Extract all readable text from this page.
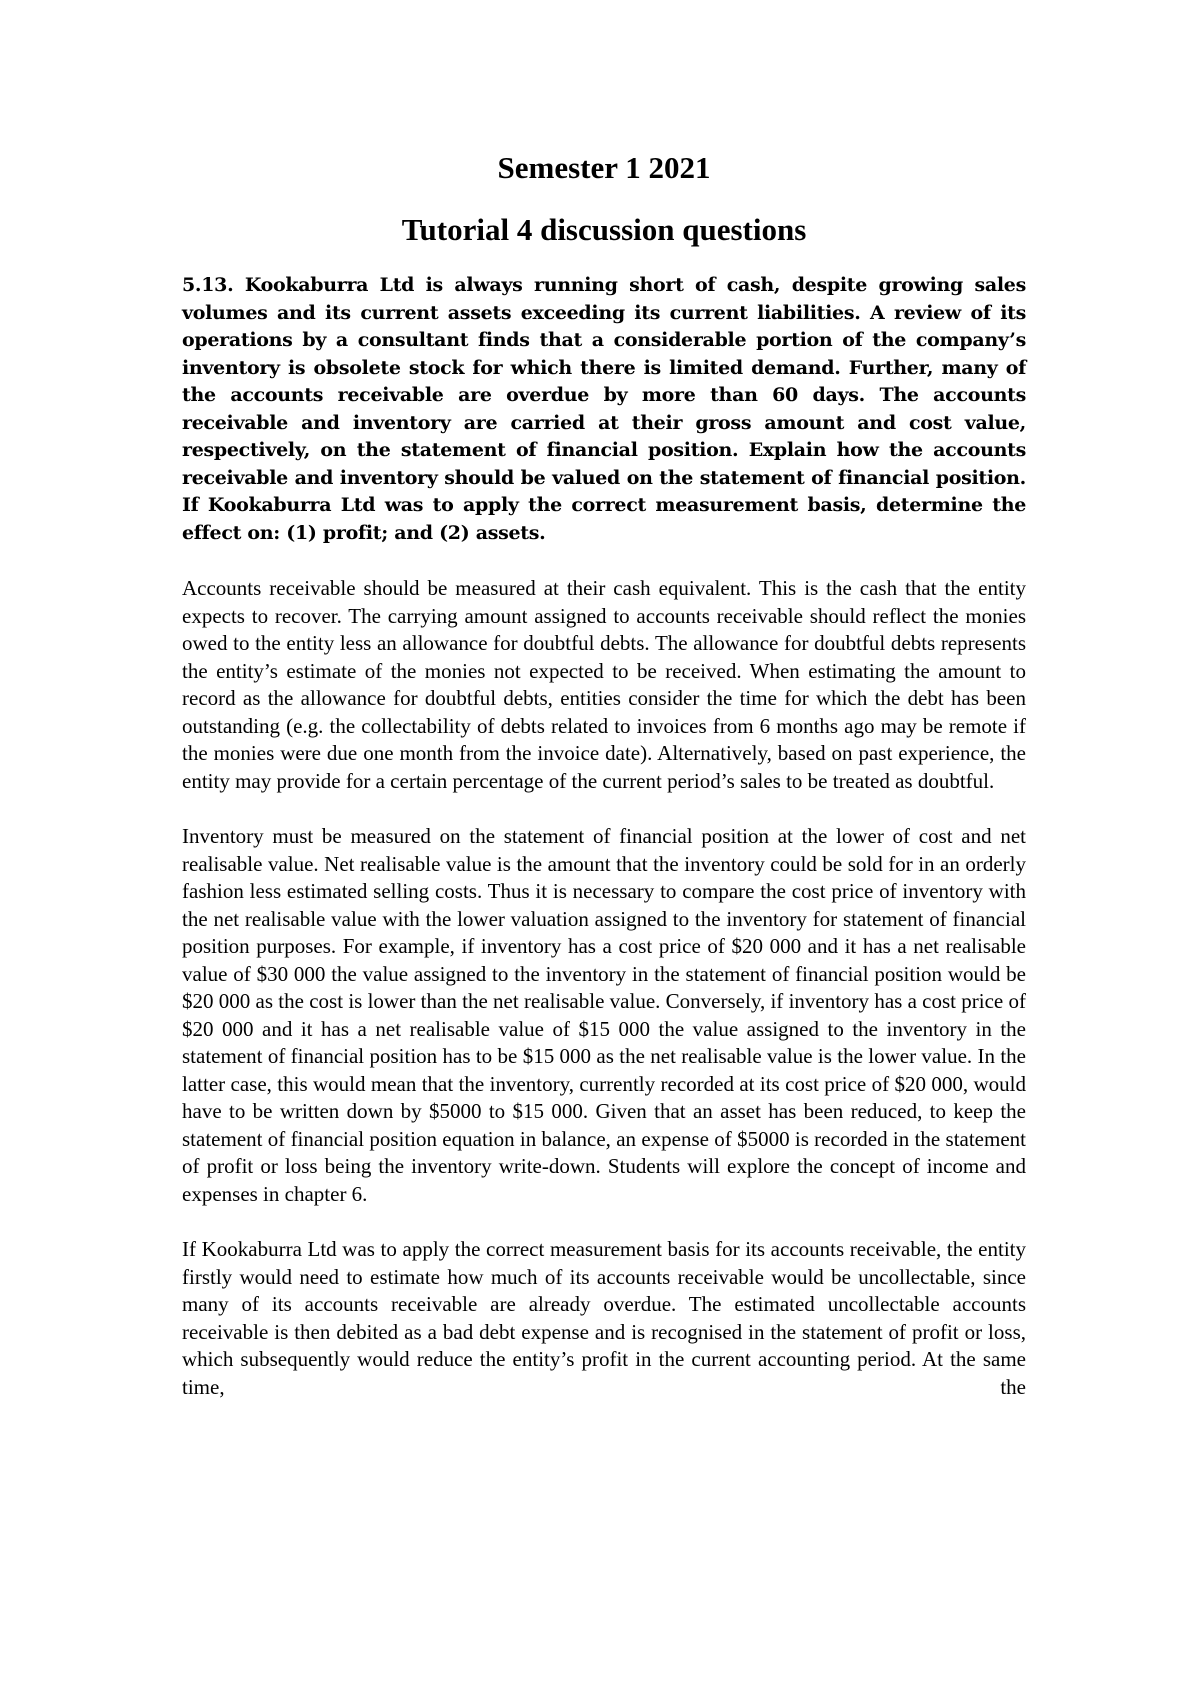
Semester 1 2021
Tutorial 4 discussion questions

5.13. Kookaburra Ltd is always running short of cash, despite growing sales volumes and its current assets exceeding its current liabilities. A review of its operations by a consultant finds that a considerable portion of the company’s inventory is obsolete stock for which there is limited demand. Further, many of the accounts receivable are overdue by more than 60 days. The accounts receivable and inventory are carried at their gross amount and cost value, respectively, on the statement of financial position. Explain how the accounts receivable and inventory should be valued on the statement of financial position. If Kookaburra Ltd was to apply the correct measurement basis, determine the effect on: (1) profit; and (2) assets.

Accounts receivable should be measured at their cash equivalent. This is the cash that the entity expects to recover. The carrying amount assigned to accounts receivable should reflect the monies owed to the entity less an allowance for doubtful debts. The allowance for doubtful debts represents the entity’s estimate of the monies not expected to be received. When estimating the amount to record as the allowance for doubtful debts, entities consider the time for which the debt has been outstanding (e.g. the collectability of debts related to invoices from 6 months ago may be remote if the monies were due one month from the invoice date). Alternatively, based on past experience, the entity may provide for a certain percentage of the current period’s sales to be treated as doubtful.

Inventory must be measured on the statement of financial position at the lower of cost and net realisable value. Net realisable value is the amount that the inventory could be sold for in an orderly fashion less estimated selling costs. Thus it is necessary to compare the cost price of inventory with the net realisable value with the lower valuation assigned to the inventory for statement of financial position purposes. For example, if inventory has a cost price of $20 000 and it has a net realisable value of $30 000 the value assigned to the inventory in the statement of financial position would be $20 000 as the cost is lower than the net realisable value. Conversely, if inventory has a cost price of $20 000 and it has a net realisable value of $15 000 the value assigned to the inventory in the statement of financial position has to be $15 000 as the net realisable value is the lower value. In the latter case, this would mean that the inventory, currently recorded at its cost price of $20 000, would have to be written down by $5000 to $15 000. Given that an asset has been reduced, to keep the statement of financial position equation in balance, an expense of $5000 is recorded in the statement of profit or loss being the inventory write-down. Students will explore the concept of income and expenses in chapter 6.

If Kookaburra Ltd was to apply the correct measurement basis for its accounts receivable, the entity firstly would need to estimate how much of its accounts receivable would be uncollectable, since many of its accounts receivable are already overdue. The estimated uncollectable accounts receivable is then debited as a bad debt expense and is recognised in the statement of profit or loss, which subsequently would reduce the entity’s profit in the current accounting period. At the same time, the
